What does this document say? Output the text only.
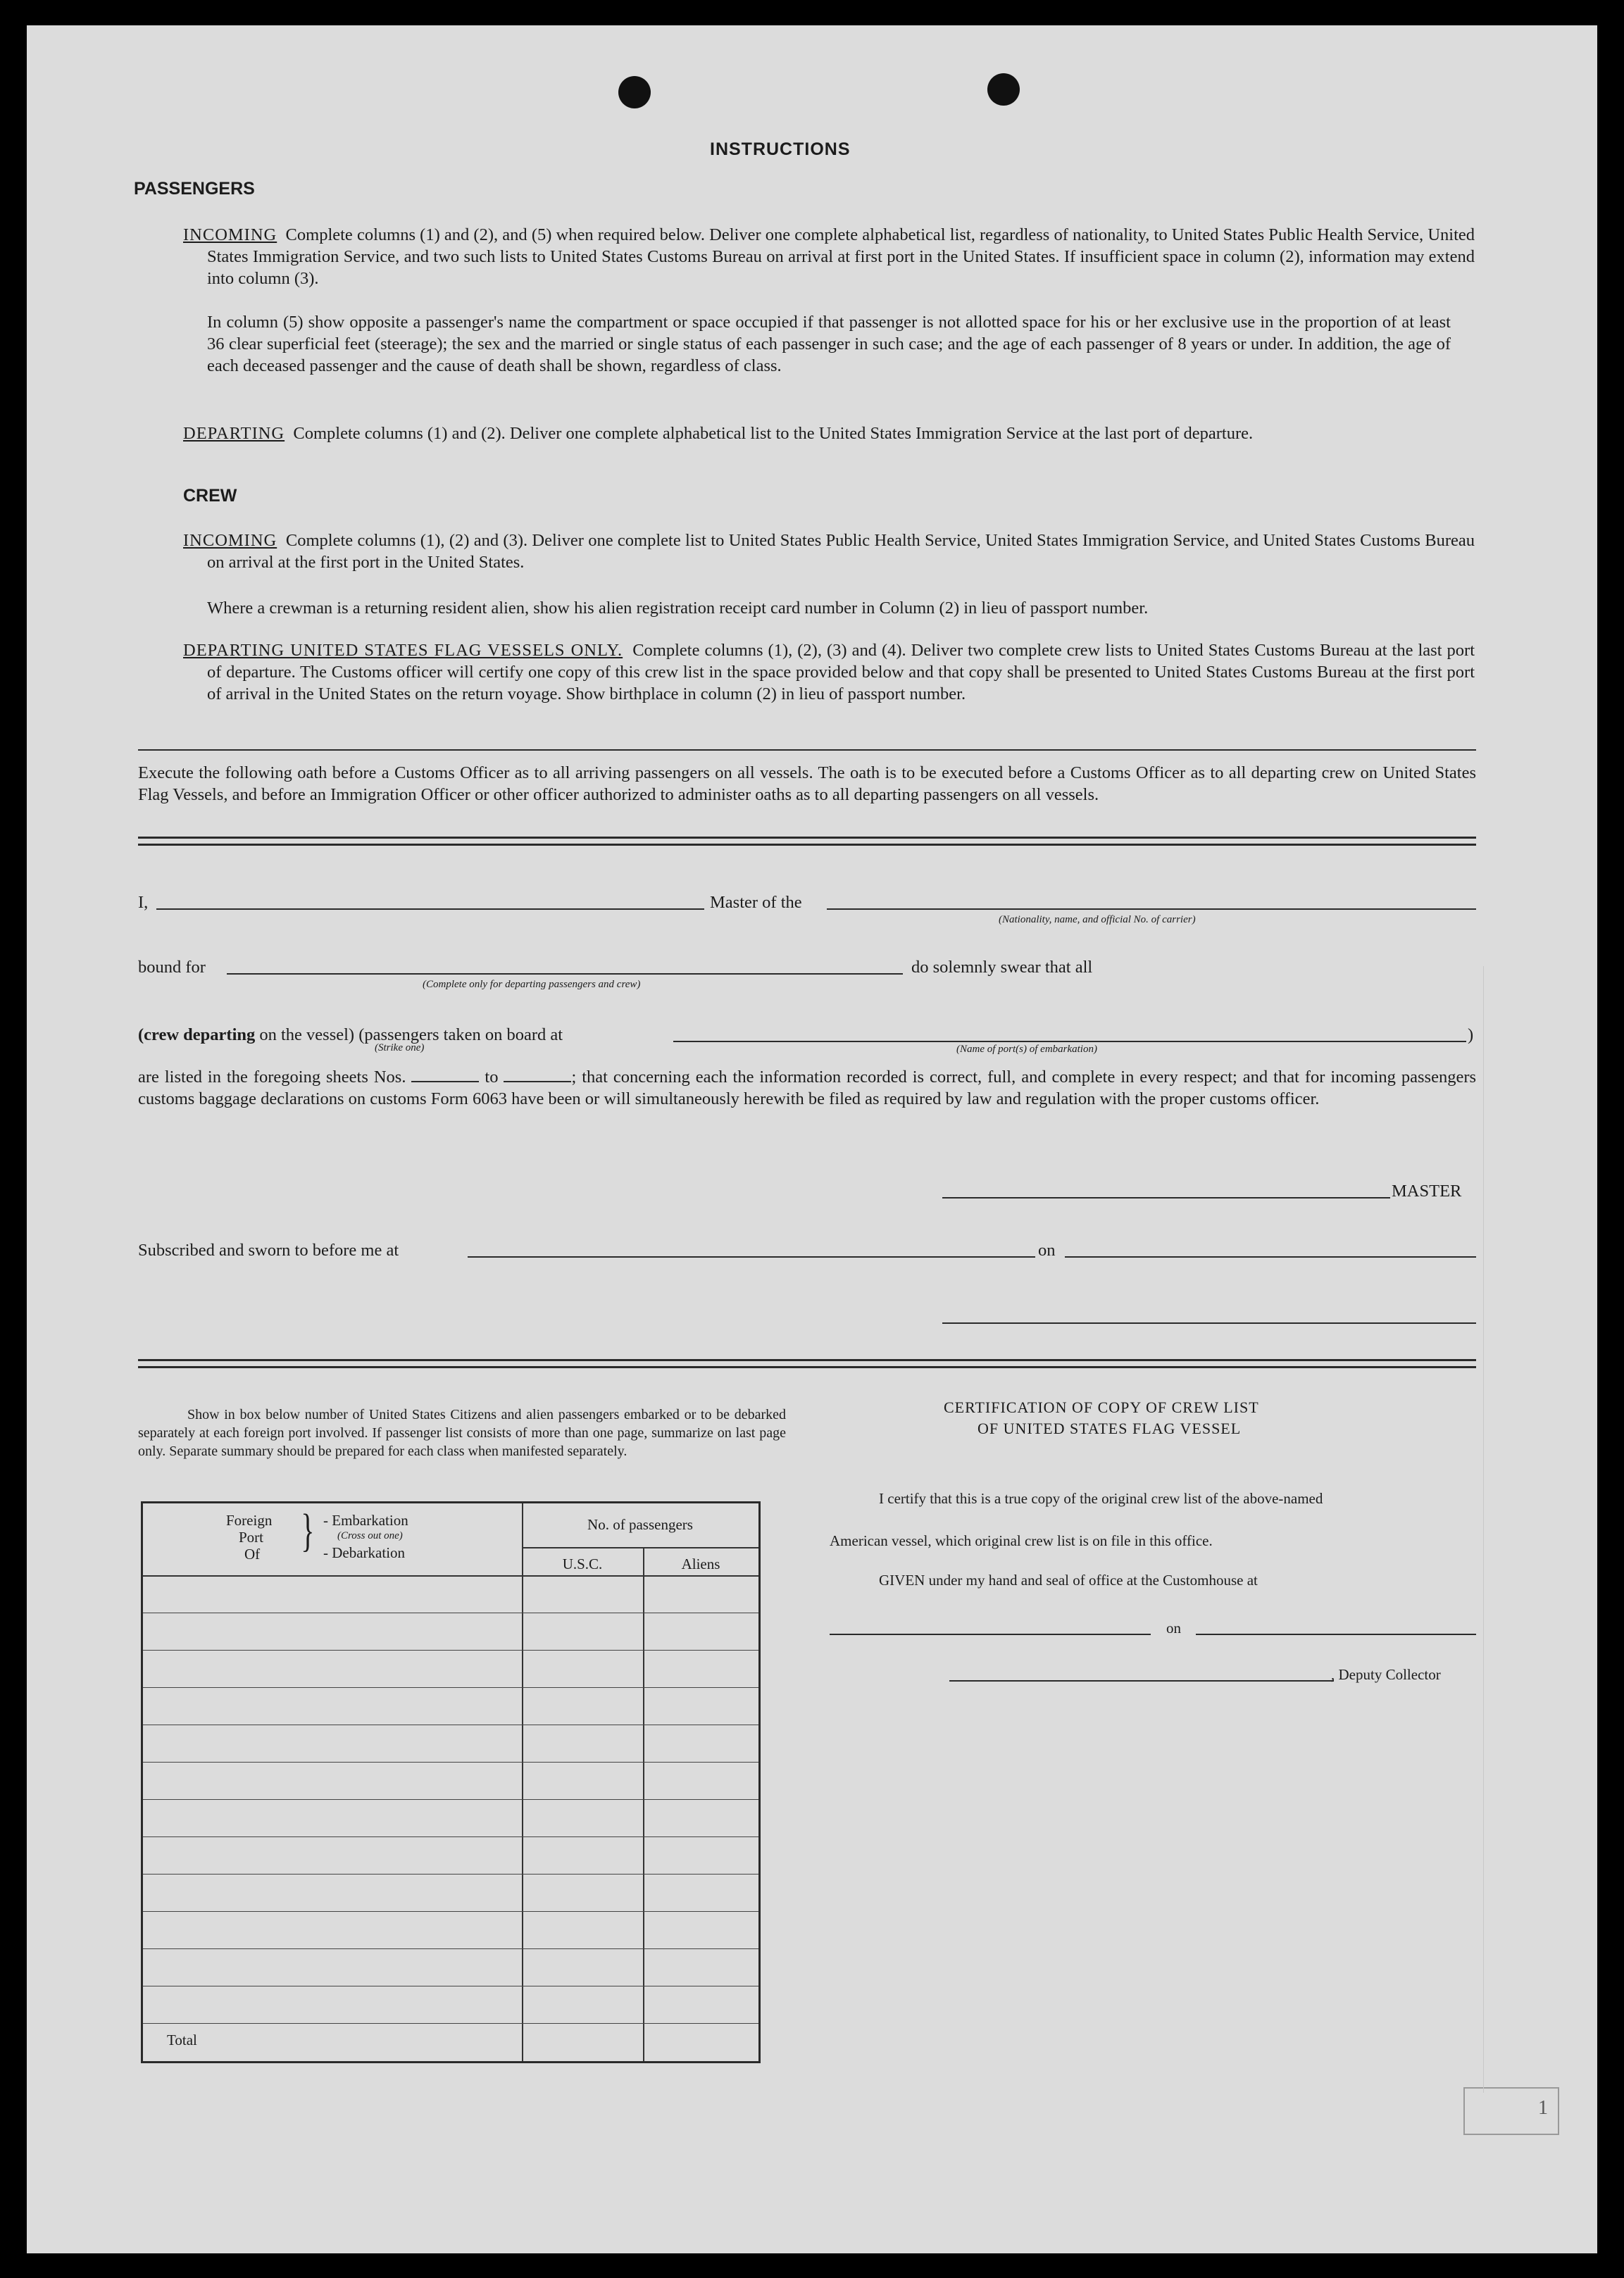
INSTRUCTIONS
PASSENGERS
INCOMING Complete columns (1) and (2), and (5) when required below. Deliver one complete alphabetical list, regardless of nationality, to United States Public Health Service, United States Immigration Service, and two such lists to United States Customs Bureau on arrival at first port in the United States. If insufficient space in column (2), information may extend into column (3).
In column (5) show opposite a passenger's name the compartment or space occupied if that passenger is not allotted space for his or her exclusive use in the proportion of at least 36 clear superficial feet (steerage); the sex and the married or single status of each passenger in such case; and the age of each passenger of 8 years or under. In addition, the age of each deceased passenger and the cause of death shall be shown, regardless of class.
DEPARTING Complete columns (1) and (2). Deliver one complete alphabetical list to the United States Immigration Service at the last port of departure.
CREW
INCOMING Complete columns (1), (2) and (3). Deliver one complete list to United States Public Health Service, United States Immigration Service, and United States Customs Bureau on arrival at the first port in the United States.
Where a crewman is a returning resident alien, show his alien registration receipt card number in Column (2) in lieu of passport number.
DEPARTING UNITED STATES FLAG VESSELS ONLY. Complete columns (1), (2), (3) and (4). Deliver two complete crew lists to United States Customs Bureau at the last port of departure. The Customs officer will certify one copy of this crew list in the space provided below and that copy shall be presented to United States Customs Bureau at the first port of arrival in the United States on the return voyage. Show birthplace in column (2) in lieu of passport number.
Execute the following oath before a Customs Officer as to all arriving passengers on all vessels. The oath is to be executed before a Customs Officer as to all departing crew on United States Flag Vessels, and before an Immigration Officer or other officer authorized to administer oaths as to all departing passengers on all vessels.
I,	Master of the
(Nationality, name, and official No. of carrier)
bound for	do solemnly swear that all
(Complete only for departing passengers and crew)
(crew departing on the vessel) (passengers taken on board at	)
(Strike one)	(Name of port(s) of embarkation)
are listed in the foregoing sheets Nos.	to	; that concerning each the information recorded is correct, full, and complete in every respect; and that for incoming passengers customs baggage declarations on customs Form 6063 have been or will simultaneously herewith be filed as required by law and regulation with the proper customs officer.
MASTER
Subscribed and sworn to before me at	on
Show in box below number of United States Citizens and alien passengers embarked or to be debarked separately at each foreign port involved. If passenger list consists of more than one page, summarize on last page only. Separate summary should be prepared for each class when manifested separately.
Foreign
Port
Of } - Embarkation
(Cross out one)
- Debarkation
No. of passengers
U.S.C.	Aliens
Total
CERTIFICATION OF COPY OF CREW LIST
OF UNITED STATES FLAG VESSEL
I certify that this is a true copy of the original crew list of the above-named
American vessel, which original crew list is on file in this office.
GIVEN under my hand and seal of office at the Customhouse at
on
, Deputy Collector
1
